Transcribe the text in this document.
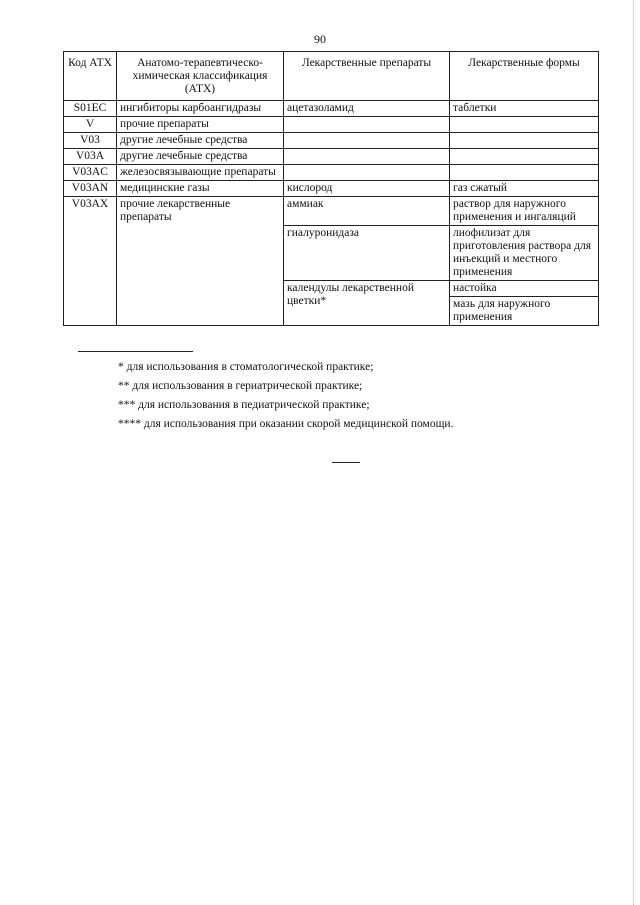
90
Код АТХ	Анатомо-терапевтическо-химическая классификация (АТХ)	Лекарственные препараты	Лекарственные формы
S01EC	ингибиторы карбоангидразы	ацетазоламид	таблетки
V	прочие препараты		
V03	другие лечебные средства		
V03A	другие лечебные средства		
V03AC	железосвязывающие препараты		
V03AN	медицинские газы	кислород	газ сжатый
V03AX	прочие лекарственные препараты	аммиак	раствор для наружного применения и ингаляций
		гиалуронидаза	лиофилизат для приготовления раствора для инъекций и местного применения
		календулы лекарственной цветки*	настойка
			мазь для наружного применения
* для использования в стоматологической практике;
** для использования в гериатрической практике;
*** для использования в педиатрической практике;
**** для использования при оказании скорой медицинской помощи.
